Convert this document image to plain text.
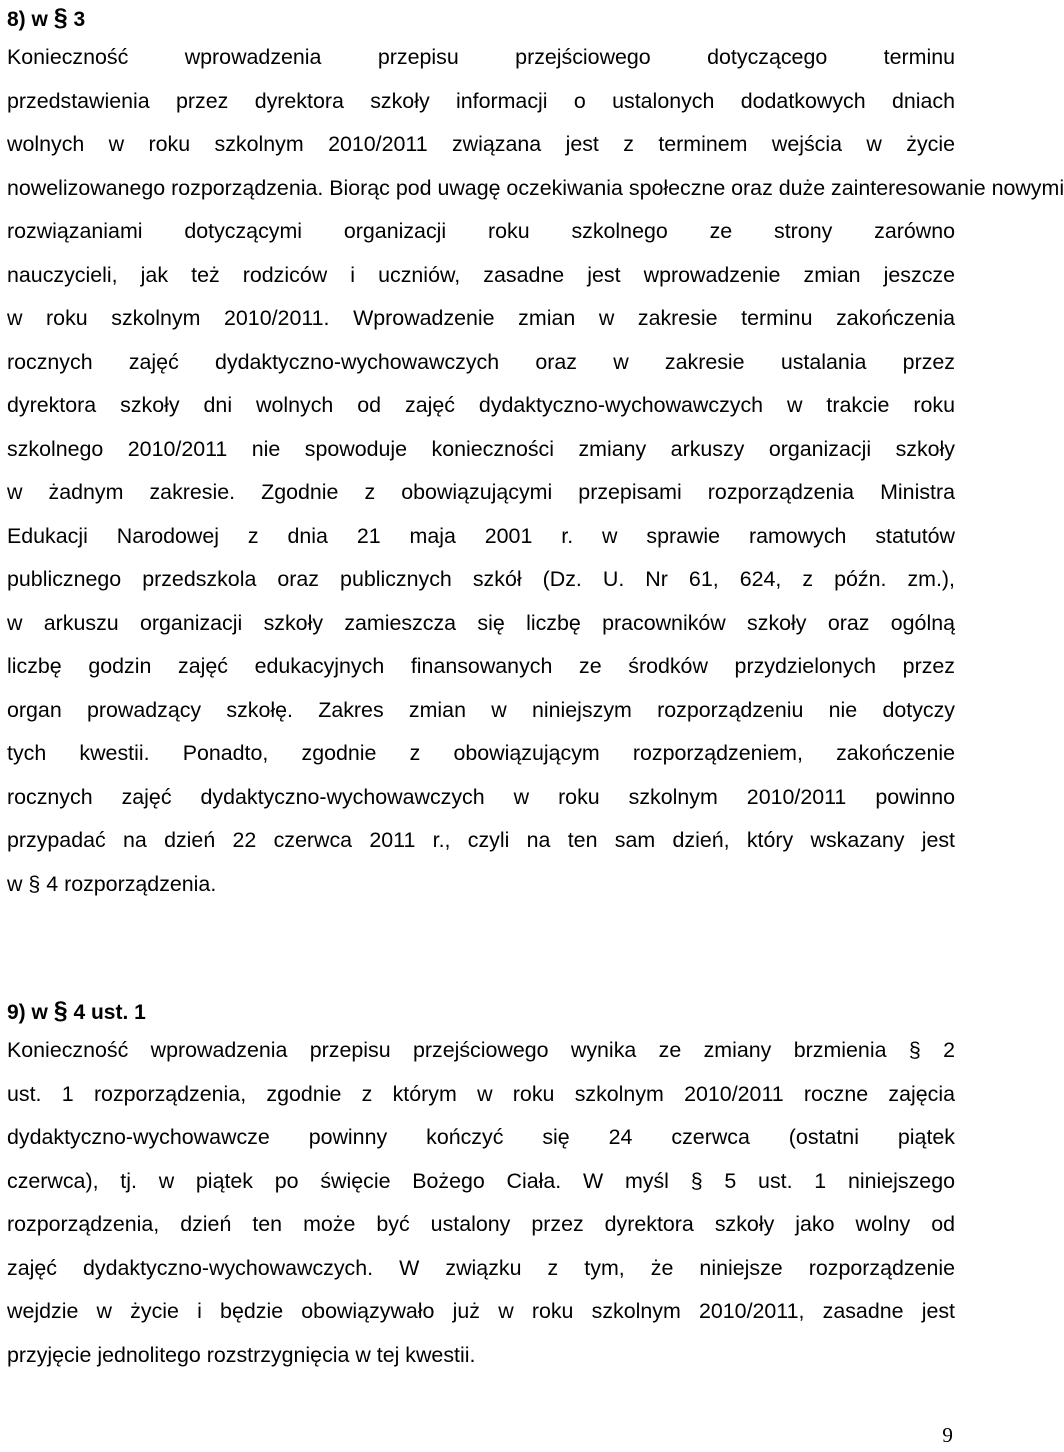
8) w § 3
Konieczność wprowadzenia przepisu przejściowego dotyczącego terminu
przedstawienia przez dyrektora szkoły informacji o ustalonych dodatkowych dniach
wolnych w roku szkolnym 2010/2011 związana jest z terminem wejścia w życie
nowelizowanego rozporządzenia. Biorąc pod uwagę oczekiwania społeczne oraz duże zainteresowanie nowymi
rozwiązaniami dotyczącymi organizacji roku szkolnego ze strony zarówno
nauczycieli, jak też rodziców i uczniów, zasadne jest wprowadzenie zmian jeszcze
w roku szkolnym 2010/2011. Wprowadzenie zmian w zakresie terminu zakończenia
rocznych zajęć dydaktyczno-wychowawczych oraz w zakresie ustalania przez
dyrektora szkoły dni wolnych od zajęć dydaktyczno-wychowawczych w trakcie roku
szkolnego 2010/2011 nie spowoduje konieczności zmiany arkuszy organizacji szkoły
w żadnym zakresie. Zgodnie z obowiązującymi przepisami rozporządzenia Ministra
Edukacji Narodowej z dnia 21 maja 2001 r. w sprawie ramowych statutów
publicznego przedszkola oraz publicznych szkół (Dz. U. Nr 61, 624, z późn. zm.),
w arkuszu organizacji szkoły zamieszcza się liczbę pracowników szkoły oraz ogólną
liczbę godzin zajęć edukacyjnych finansowanych ze środków przydzielonych przez
organ prowadzący szkołę. Zakres zmian w niniejszym rozporządzeniu nie dotyczy
tych kwestii. Ponadto, zgodnie z obowiązującym rozporządzeniem, zakończenie
rocznych zajęć dydaktyczno-wychowawczych w roku szkolnym 2010/2011 powinno
przypadać na dzień 22 czerwca 2011 r., czyli na ten sam dzień, który wskazany jest
w § 4 rozporządzenia.
9) w § 4 ust. 1
Konieczność wprowadzenia przepisu przejściowego wynika ze zmiany brzmienia § 2
ust. 1 rozporządzenia, zgodnie z którym w roku szkolnym 2010/2011 roczne zajęcia
dydaktyczno-wychowawcze powinny kończyć się 24 czerwca (ostatni piątek
czerwca), tj. w piątek po święcie Bożego Ciała. W myśl § 5 ust. 1 niniejszego
rozporządzenia, dzień ten może być ustalony przez dyrektora szkoły jako wolny od
zajęć dydaktyczno-wychowawczych. W związku z tym, że niniejsze rozporządzenie
wejdzie w życie i będzie obowiązywało już w roku szkolnym 2010/2011, zasadne jest
przyjęcie jednolitego rozstrzygnięcia w tej kwestii.
9
